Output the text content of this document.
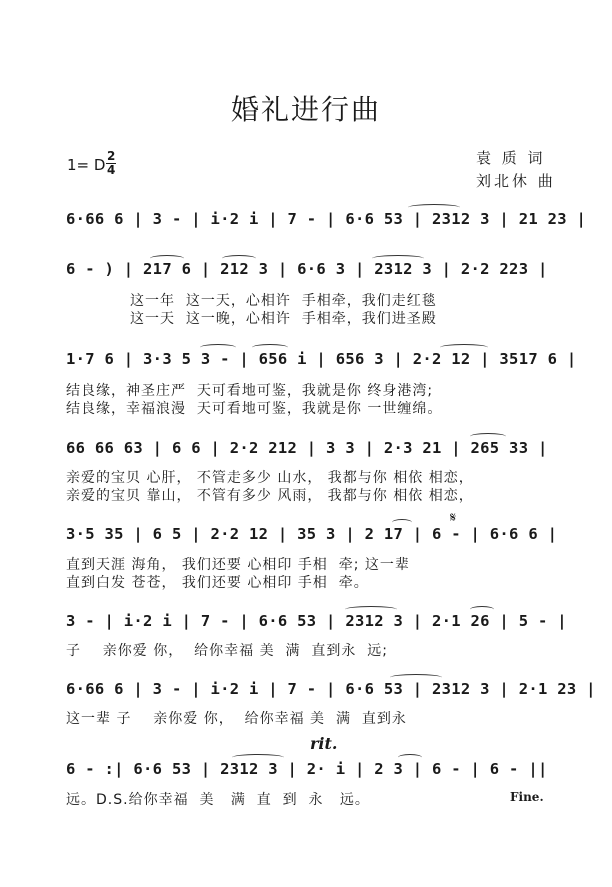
婚礼进行曲
1= D $\frac{2}{4}$	袁 质 词
刘北休 曲
6·66 6 | 3 - | i·2 i | 7 - | 6·6 53 | 2312 3 | 21 23 |
6 - ) | 217 6 | 212 3 | 6·6 3 | 2312 3 | 2·2 223 |
这一年  这一天，心相许  手相牵，我们走红毯
这一天  这一晚，心相许  手相牵，我们进圣殿
1·7 6 | 3·3 5 3 - | 656 i | 656 3 | 2·2 12 | 3517 6 |
结良缘，神圣庄严  天可看地可鉴，我就是你 终身港湾;
结良缘，幸福浪漫  天可看地可鉴，我就是你 一世缠绵。
66 66 63 | 6 6 | 2·2 212 | 3 3 | 2·3 21 | 265 33 |
亲爱的宝贝 心肝， 不管走多少 山水， 我都与你 相依 相恋，
亲爱的宝贝 靠山， 不管有多少 风雨， 我都与你 相依 相恋，
3·5 35 | 6 5 | 2·2 12 | 35 3 | 2 17 | 6 - | 6·6 6 |
直到天涯 海角， 我们还要 心相印 手相  牵; 这一辈
直到白发 苍苍， 我们还要 心相印 手相  牵。
𝄋
3 - | i·2 i | 7 - | 6·6 53 | 2312 3 | 2·1 26 | 5 - |
子    亲你爱 你，  给你幸福 美  满  直到永  远;
6·66 6 | 3 - | i·2 i | 7 - | 6·6 53 | 2312 3 | 2·1 23 |
这一辈 子    亲你爱 你，  给你幸福 美  满  直到永
rit.
6 - :| 6·6 53 | 2312 3 | 2· i | 2 3 | 6 - | 6 - ||
远。D.S.给你幸福  美   满  直  到  永   远。	Fine.
